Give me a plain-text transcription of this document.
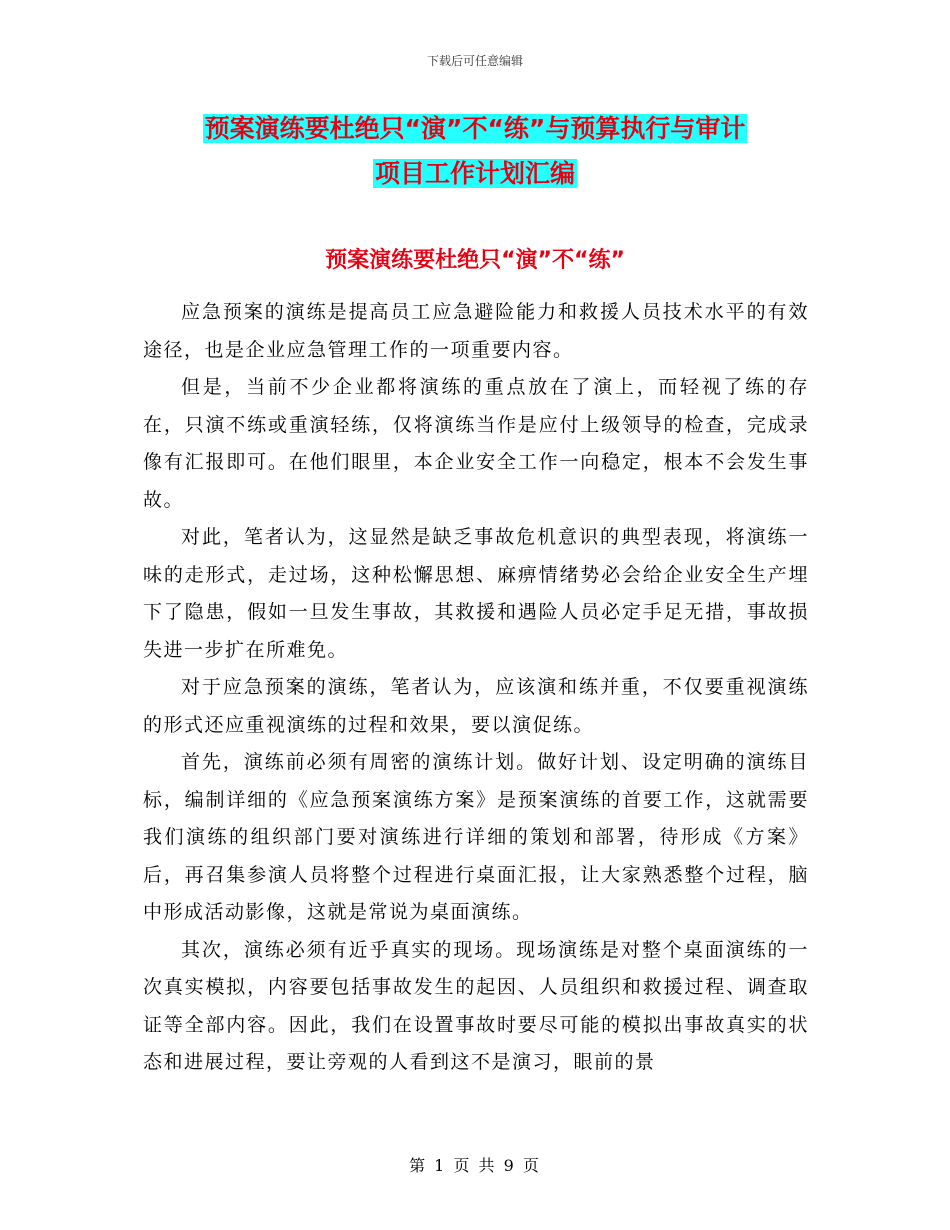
下载后可任意编辑
预案演练要杜绝只“演”不“练”与预算执行与审计
项目工作计划汇编
预案演练要杜绝只“演”不“练”

应急预案的演练是提高员工应急避险能力和救援人员技术水平的有效途径，也是企业应急管理工作的一项重要内容。

但是，当前不少企业都将演练的重点放在了演上，而轻视了练的存在，只演不练或重演轻练，仅将演练当作是应付上级领导的检查，完成录像有汇报即可。在他们眼里，本企业安全工作一向稳定，根本不会发生事故。

对此，笔者认为，这显然是缺乏事故危机意识的典型表现，将演练一味的走形式，走过场，这种松懈思想、麻痹情绪势必会给企业安全生产埋下了隐患，假如一旦发生事故，其救援和遇险人员必定手足无措，事故损失进一步扩在所难免。

对于应急预案的演练，笔者认为，应该演和练并重，不仅要重视演练的形式还应重视演练的过程和效果，要以演促练。

首先，演练前必须有周密的演练计划。做好计划、设定明确的演练目标，编制详细的《应急预案演练方案》是预案演练的首要工作，这就需要我们演练的组织部门要对演练进行详细的策划和部署，待形成《方案》后，再召集参演人员将整个过程进行桌面汇报，让大家熟悉整个过程，脑中形成活动影像，这就是常说为桌面演练。

其次，演练必须有近乎真实的现场。现场演练是对整个桌面演练的一次真实模拟，内容要包括事故发生的起因、人员组织和救援过程、调查取证等全部内容。因此，我们在设置事故时要尽可能的模拟出事故真实的状态和进展过程，要让旁观的人看到这不是演习，眼前的景

第 1 页 共 9 页
